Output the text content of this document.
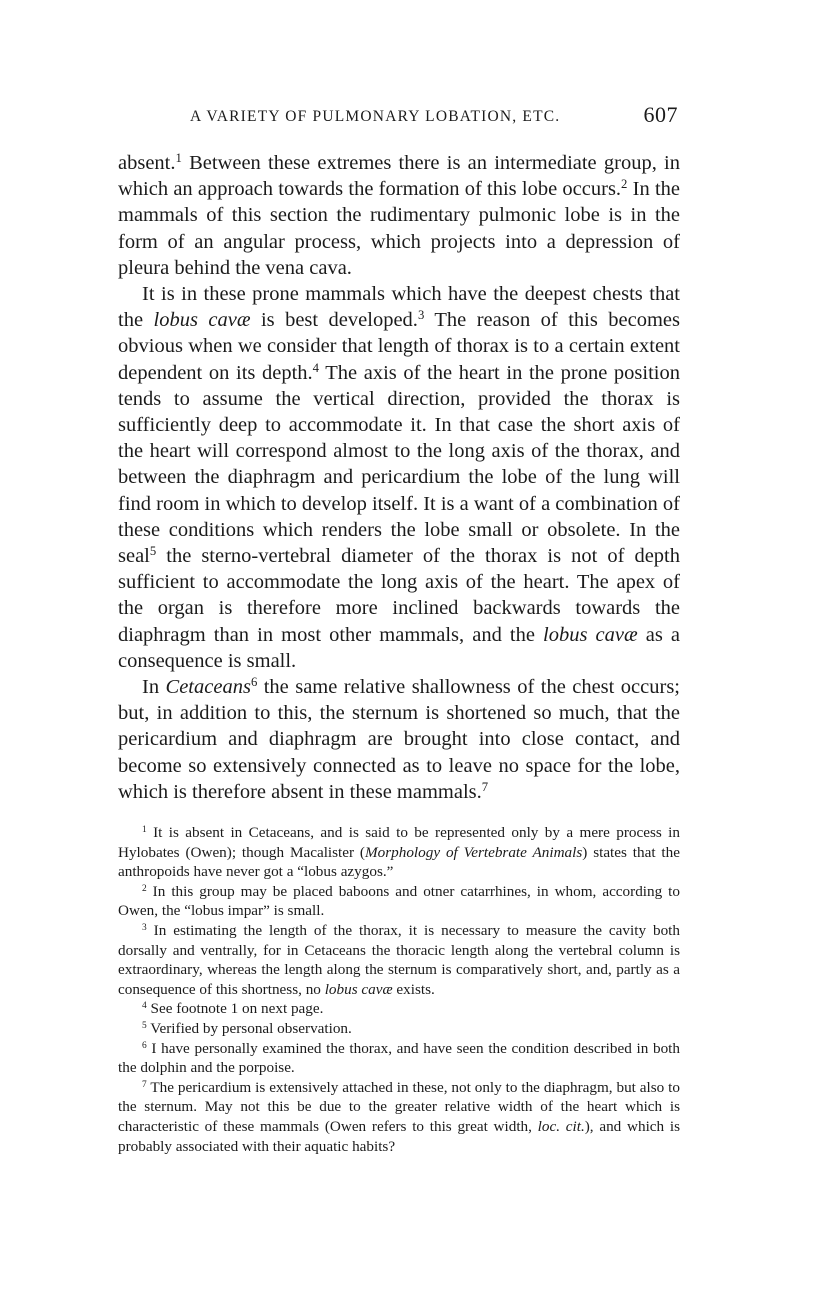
A VARIETY OF PULMONARY LOBATION, ETC.	607

absent.$^1$ Between these extremes there is an intermediate group, in which an approach towards the formation of this lobe occurs.$^2$ In the mammals of this section the rudimentary pulmonic lobe is in the form of an angular process, which projects into a depression of pleura behind the vena cava.

It is in these prone mammals which have the deepest chests that the lobus cavæ is best developed.$^3$ The reason of this becomes obvious when we consider that length of thorax is to a certain extent dependent on its depth.$^4$ The axis of the heart in the prone position tends to assume the vertical direction, provided the thorax is sufficiently deep to accommodate it. In that case the short axis of the heart will correspond almost to the long axis of the thorax, and between the diaphragm and pericardium the lobe of the lung will find room in which to develop itself. It is a want of a combination of these conditions which renders the lobe small or obsolete. In the seal$^5$ the sterno-vertebral diameter of the thorax is not of depth sufficient to accommodate the long axis of the heart. The apex of the organ is therefore more inclined backwards towards the diaphragm than in most other mammals, and the lobus cavæ as a consequence is small.

In Cetaceans$^6$ the same relative shallowness of the chest occurs; but, in addition to this, the sternum is shortened so much, that the pericardium and diaphragm are brought into close contact, and become so extensively connected as to leave no space for the lobe, which is therefore absent in these mammals.$^7$

$^1$ It is absent in Cetaceans, and is said to be represented only by a mere process in Hylobates (Owen); though Macalister (Morphology of Vertebrate Animals) states that the anthropoids have never got a “lobus azygos.”

$^2$ In this group may be placed baboons and otner catarrhines, in whom, according to Owen, the “lobus impar” is small.

$^3$ In estimating the length of the thorax, it is necessary to measure the cavity both dorsally and ventrally, for in Cetaceans the thoracic length along the vertebral column is extraordinary, whereas the length along the sternum is comparatively short, and, partly as a consequence of this shortness, no lobus cavæ exists.

$^4$ See footnote 1 on next page.

$^5$ Verified by personal observation.

$^6$ I have personally examined the thorax, and have seen the condition described in both the dolphin and the porpoise.

$^7$ The pericardium is extensively attached in these, not only to the diaphragm, but also to the sternum. May not this be due to the greater relative width of the heart which is characteristic of these mammals (Owen refers to this great width, loc. cit.), and which is probably associated with their aquatic habits?
